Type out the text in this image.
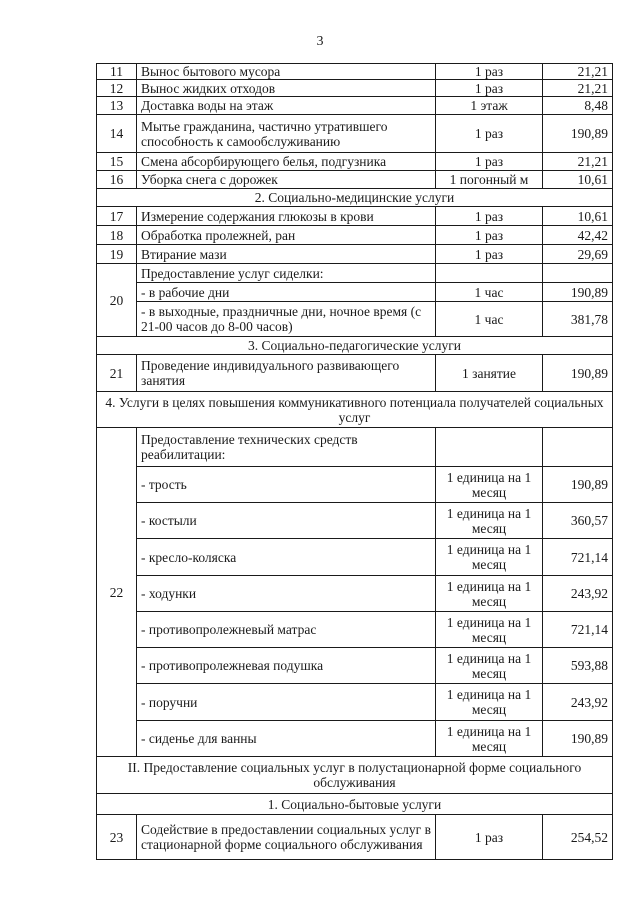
3
11	Вынос бытового мусора	1 раз	21,21
12	Вынос жидких отходов	1 раз	21,21
13	Доставка воды на этаж	1 этаж	8,48
14	Мытье гражданина, частично утратившего способность к самообслуживанию	1 раз	190,89
15	Смена абсорбирующего белья, подгузника	1 раз	21,21
16	Уборка снега с дорожек	1 погонный м	10,61
2. Социально-медицинские услуги			
17	Измерение содержания глюкозы в крови	1 раз	10,61
18	Обработка пролежней, ран	1 раз	42,42
19	Втирание мази	1 раз	29,69
20	Предоставление услуг сиделки:		
	- в рабочие дни	1 час	190,89
	- в выходные, праздничные дни, ночное время (с 21-00 часов до 8-00 часов)	1 час	381,78
3. Социально-педагогические услуги			
21	Проведение индивидуального развивающего занятия	1 занятие	190,89
4. Услуги в целях повышения коммуникативного потенциала получателей социальных услуг			
22	Предоставление технических средств реабилитации:		
	- трость	1 единица на 1 месяц	190,89
	- костыли	1 единица на 1 месяц	360,57
	- кресло-коляска	1 единица на 1 месяц	721,14
	- ходунки	1 единица на 1 месяц	243,92
	- противопролежневый матрас	1 единица на 1 месяц	721,14
	- противопролежневая подушка	1 единица на 1 месяц	593,88
	- поручни	1 единица на 1 месяц	243,92
	- сиденье для ванны	1 единица на 1 месяц	190,89
II. Предоставление социальных услуг в полустационарной форме социального обслуживания			
1. Социально-бытовые услуги			
23	Содействие в предоставлении социальных услуг в стационарной форме социального обслуживания	1 раз	254,52
